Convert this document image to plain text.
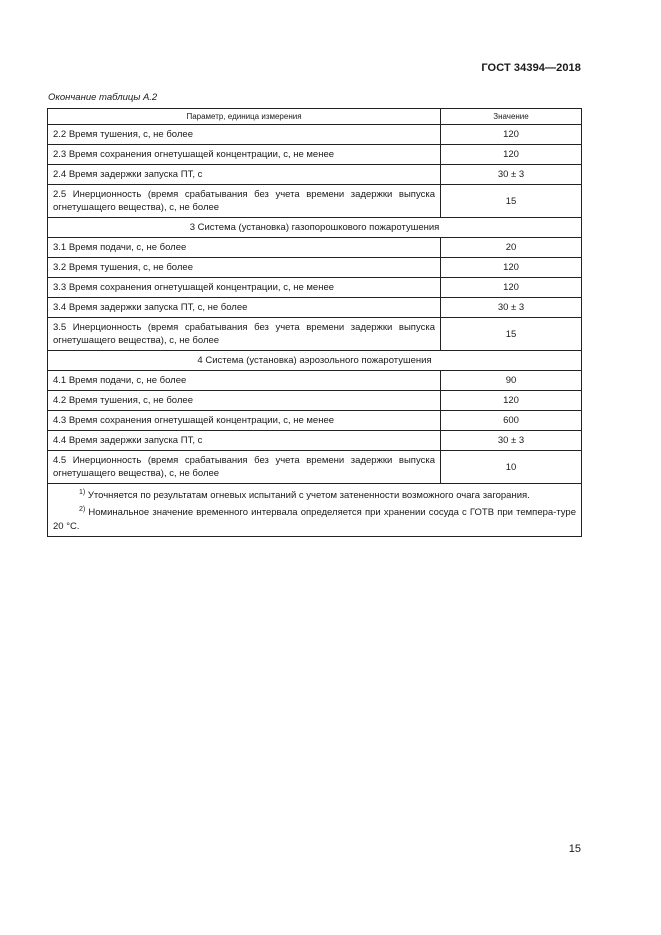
ГОСТ 34394—2018
Окончание таблицы А.2
Параметр, единица измерения	Значение
2.2 Время тушения, с, не более	120
2.3 Время сохранения огнетушащей концентрации, с, не менее	120
2.4 Время задержки запуска ПТ, с	30 ± 3
2.5 Инерционность (время срабатывания без учета времени задержки выпуска огнетушащего вещества), с, не более	15
3 Система (установка) газопорошкового пожаротушения	
3.1 Время подачи, с, не более	20
3.2 Время тушения, с, не более	120
3.3 Время сохранения огнетушащей концентрации, с, не менее	120
3.4 Время задержки запуска ПТ, с, не более	30 ± 3
3.5 Инерционность (время срабатывания без учета времени задержки выпуска огнетушащего вещества), с, не более	15
4 Система (установка) аэрозольного пожаротушения	
4.1 Время подачи, с, не более	90
4.2 Время тушения, с, не более	120
4.3 Время сохранения огнетушащей концентрации, с, не менее	600
4.4 Время задержки запуска ПТ, с	30 ± 3
4.5 Инерционность (время срабатывания без учета времени задержки выпуска огнетушащего вещества), с, не более	10

$^{1)}$ Уточняется по результатам огневых испытаний с учетом затененности возможного очага загорания.
$^{2)}$ Номинальное значение временного интервала определяется при хранении сосуда с ГОТВ при темпера-туре 20 °С.	
15
